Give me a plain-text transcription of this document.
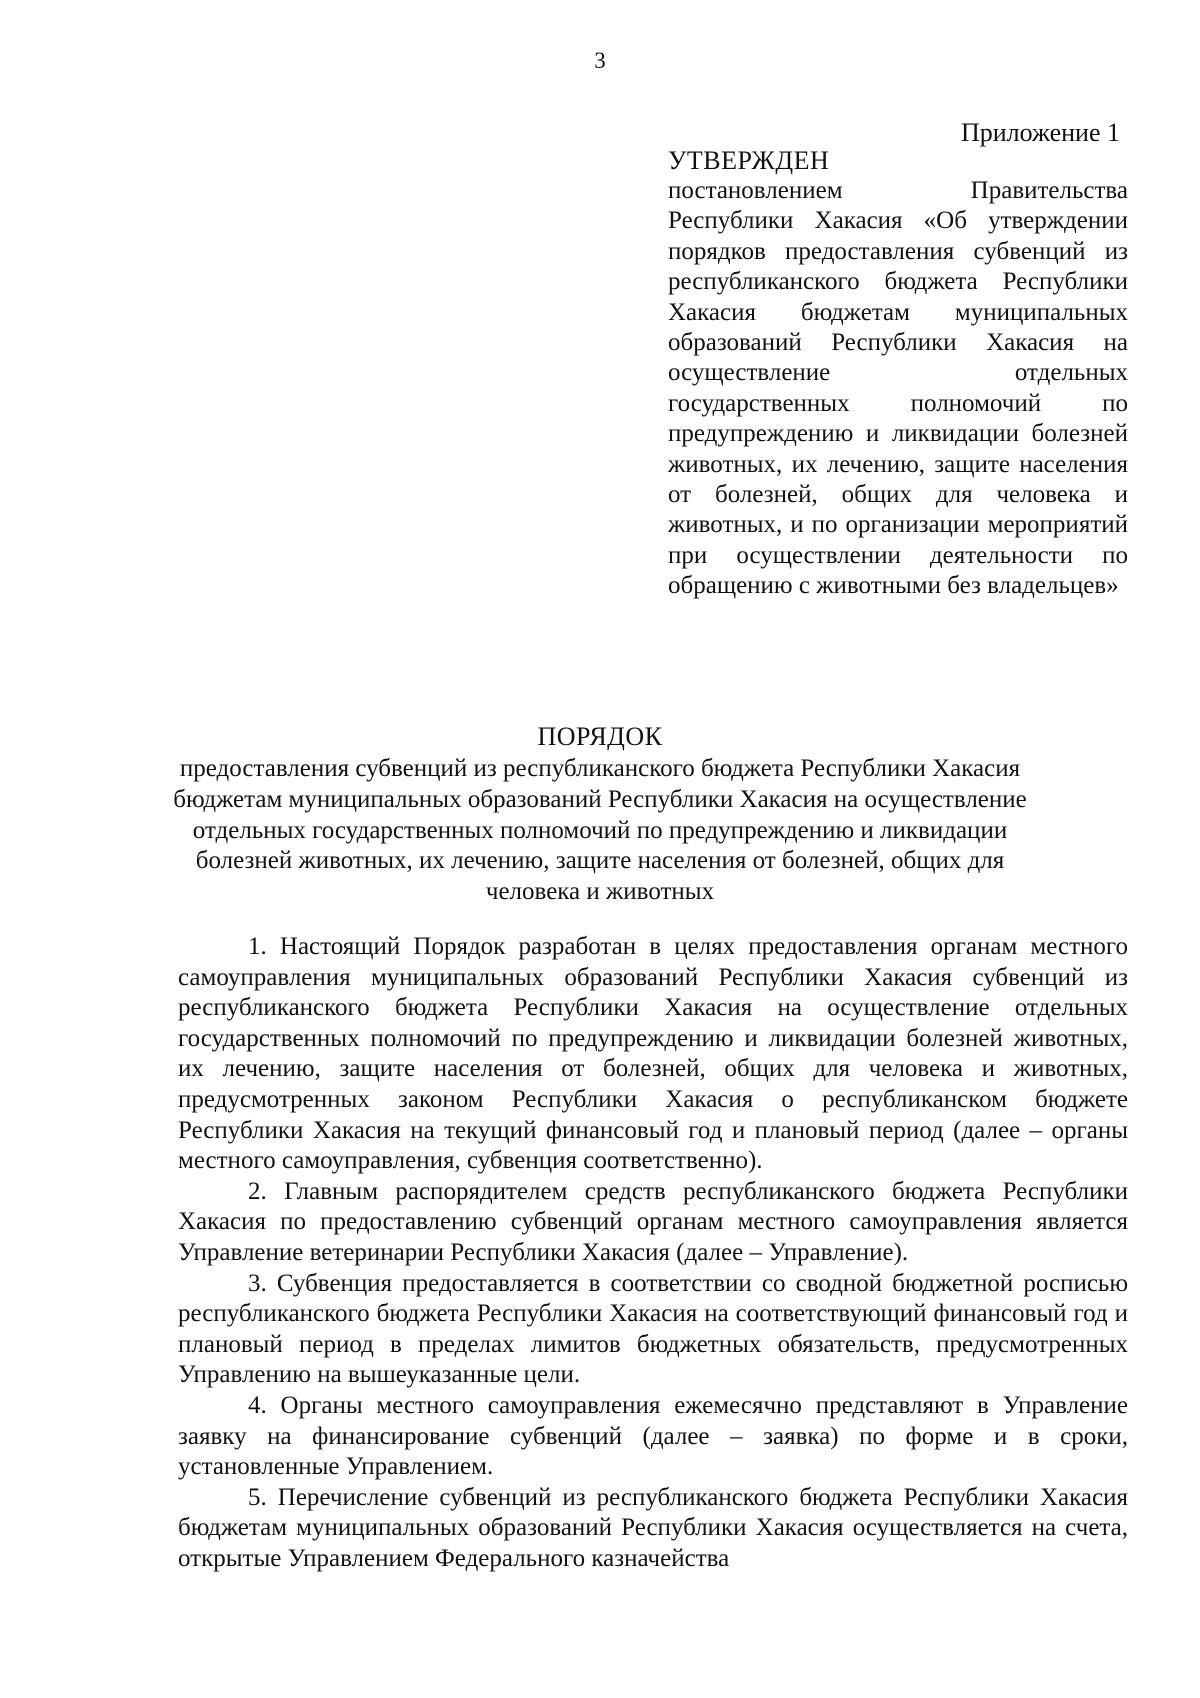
3
Приложение 1
УТВЕРЖДЕН
постановлением Правительства Республики Хакасия «Об утверждении порядков предоставления субвенций из республиканского бюджета Республики Хакасия бюджетам муниципальных образований Республики Хакасия на осуществление отдельных государственных полномочий по предупреждению и ликвидации болезней животных, их лечению, защите населения от болезней, общих для человека и животных, и по организации мероприятий при осуществлении деятельности по обращению с животными без владельцев»
ПОРЯДОК
предоставления субвенций из республиканского бюджета Республики Хакасия бюджетам муниципальных образований Республики Хакасия на осуществление отдельных государственных полномочий по предупреждению и ликвидации болезней животных, их лечению, защите населения от болезней, общих для человека и животных

1. Настоящий Порядок разработан в целях предоставления органам местного самоуправления муниципальных образований Республики Хакасия субвенций из республиканского бюджета Республики Хакасия на осуществление отдельных государственных полномочий по предупреждению и ликвидации болезней животных, их лечению, защите населения от болезней, общих для человека и животных, предусмотренных законом Республики Хакасия о республиканском бюджете Республики Хакасия на текущий финансовый год и плановый период (далее – органы местного самоуправления, субвенция соответственно).

2. Главным распорядителем средств республиканского бюджета Республики Хакасия по предоставлению субвенций органам местного самоуправления является Управление ветеринарии Республики Хакасия (далее – Управление).

3. Субвенция предоставляется в соответствии со сводной бюджетной росписью республиканского бюджета Республики Хакасия на соответствующий финансовый год и плановый период в пределах лимитов бюджетных обязательств, предусмотренных Управлению на вышеуказанные цели.

4. Органы местного самоуправления ежемесячно представляют в Управление заявку на финансирование субвенций (далее – заявка) по форме и в сроки, установленные Управлением.

5. Перечисление субвенций из республиканского бюджета Республики Хакасия бюджетам муниципальных образований Республики Хакасия осуществляется на счета, открытые Управлением Федерального казначейства
